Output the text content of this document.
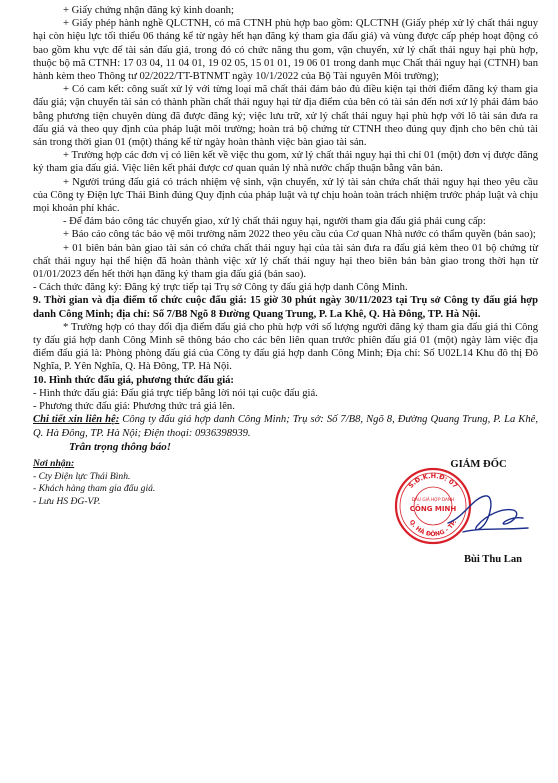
+ Giấy chứng nhận đăng ký kinh doanh;

+ Giấy phép hành nghề QLCTNH, có mã CTNH phù hợp bao gồm: QLCTNH (Giấy phép xử lý chất thải nguy hại còn hiệu lực tối thiểu 06 tháng kể từ ngày hết hạn đăng ký tham gia đấu giá) và vùng được cấp phép hoạt động có bao gồm khu vực để tài sản đấu giá, trong đó có chức năng thu gom, vận chuyển, xử lý chất thải nguy hại phù hợp, thuộc bộ mã CTNH: 17 03 04, 11 04 01, 19 02 05, 15 01 01, 19 06 01 trong danh mục Chất thải nguy hại (CTNH) ban hành kèm theo Thông tư 02/2022/TT-BTNMT ngày 10/1/2022 của Bộ Tài nguyên Môi trường);

+ Có cam kết: công suất xử lý với từng loại mã chất thải đảm bảo đủ điều kiện tại thời điểm đăng ký tham gia đấu giá; vận chuyển tài sản có thành phần chất thải nguy hại từ địa điểm của bên có tài sản đến nơi xử lý phải đảm bảo bằng phương tiện chuyên dùng đã được đăng ký; việc lưu trữ, xử lý chất thải nguy hại phù hợp với lô tài sản đưa ra đấu giá và theo quy định của pháp luật môi trường; hoàn trả bộ chứng từ CTNH theo đúng quy định cho bên chủ tài sản trong thời gian 01 (một) tháng kể từ ngày hoàn thành việc bàn giao tài sản.

+ Trường hợp các đơn vị có liên kết về việc thu gom, xử lý chất thải nguy hại thì chỉ 01 (một) đơn vị được đăng ký tham gia đấu giá. Việc liên kết phải được cơ quan quản lý nhà nước chấp thuận bằng văn bản.

+ Người trúng đấu giá có trách nhiệm vệ sinh, vận chuyển, xử lý tài sản chứa chất thải nguy hại theo yêu cầu của Công ty Điện lực Thái Bình đúng Quy định của pháp luật và tự chịu hoàn toàn trách nhiệm trước pháp luật và chịu mọi khoản phí khác.

- Để đảm bảo công tác chuyển giao, xử lý chất thải nguy hại, người tham gia đấu giá phải cung cấp:

+ Báo cáo công tác bảo vệ môi trường năm 2022 theo yêu cầu của Cơ quan Nhà nước có thẩm quyền (bản sao);

+ 01 biên bản bàn giao tài sản có chứa chất thải nguy hại của tài sản đưa ra đấu giá kèm theo 01 bộ chứng từ chất thải nguy hại thể hiện đã hoàn thành việc xử lý chất thải nguy hại theo biên bản bàn giao trong thời hạn từ 01/01/2023 đến hết thời hạn đăng ký tham gia đấu giá (bản sao).

- Cách thức đăng ký: Đăng ký trực tiếp tại Trụ sở Công ty đấu giá hợp danh Công Minh.

9. Thời gian và địa điểm tổ chức cuộc đấu giá: 15 giờ 30 phút ngày 30/11/2023 tại Trụ sở Công ty đấu giá hợp danh Công Minh; địa chỉ: Số 7/B8 Ngõ 8 Đường Quang Trung, P. La Khê, Q. Hà Đông, TP. Hà Nội.

* Trường hợp có thay đổi địa điểm đấu giá cho phù hợp với số lượng người đăng ký tham gia đấu giá thì Công ty đấu giá hợp danh Công Minh sẽ thông báo cho các bên liên quan trước phiên đấu giá 01 (một) ngày làm việc địa điểm đấu giá là: Phòng phòng đấu giá của Công ty đấu giá hợp danh Công Minh; Địa chỉ: Số U02L14 Khu đô thị Đô Nghĩa, P. Yên Nghĩa, Q. Hà Đông, TP. Hà Nội.

10. Hình thức đấu giá, phương thức đấu giá:

- Hình thức đấu giá: Đấu giá trực tiếp bằng lời nói tại cuộc đấu giá.

- Phương thức đấu giá: Phương thức trả giá lên.

Chi tiết xin liên hệ: Công ty đấu giá hợp danh Công Minh; Trụ sở: Số 7/B8, Ngõ 8, Đường Quang Trung, P. La Khê, Q. Hà Đông, TP. Hà Nội; Điện thoại: 0936398939.

Trân trọng thông báo!

Nơi nhận:
- Cty Điện lực Thái Bình.
- Khách hàng tham gia đấu giá.
- Lưu HS ĐG-VP.
GIÁM ĐỐC
S.Đ.K.H.Đ: 07
Q. HÀ ĐÔNG - TP.
ĐẤU GIÁ HỢP DANH
CÔNG MINH
Bùi Thu Lan
